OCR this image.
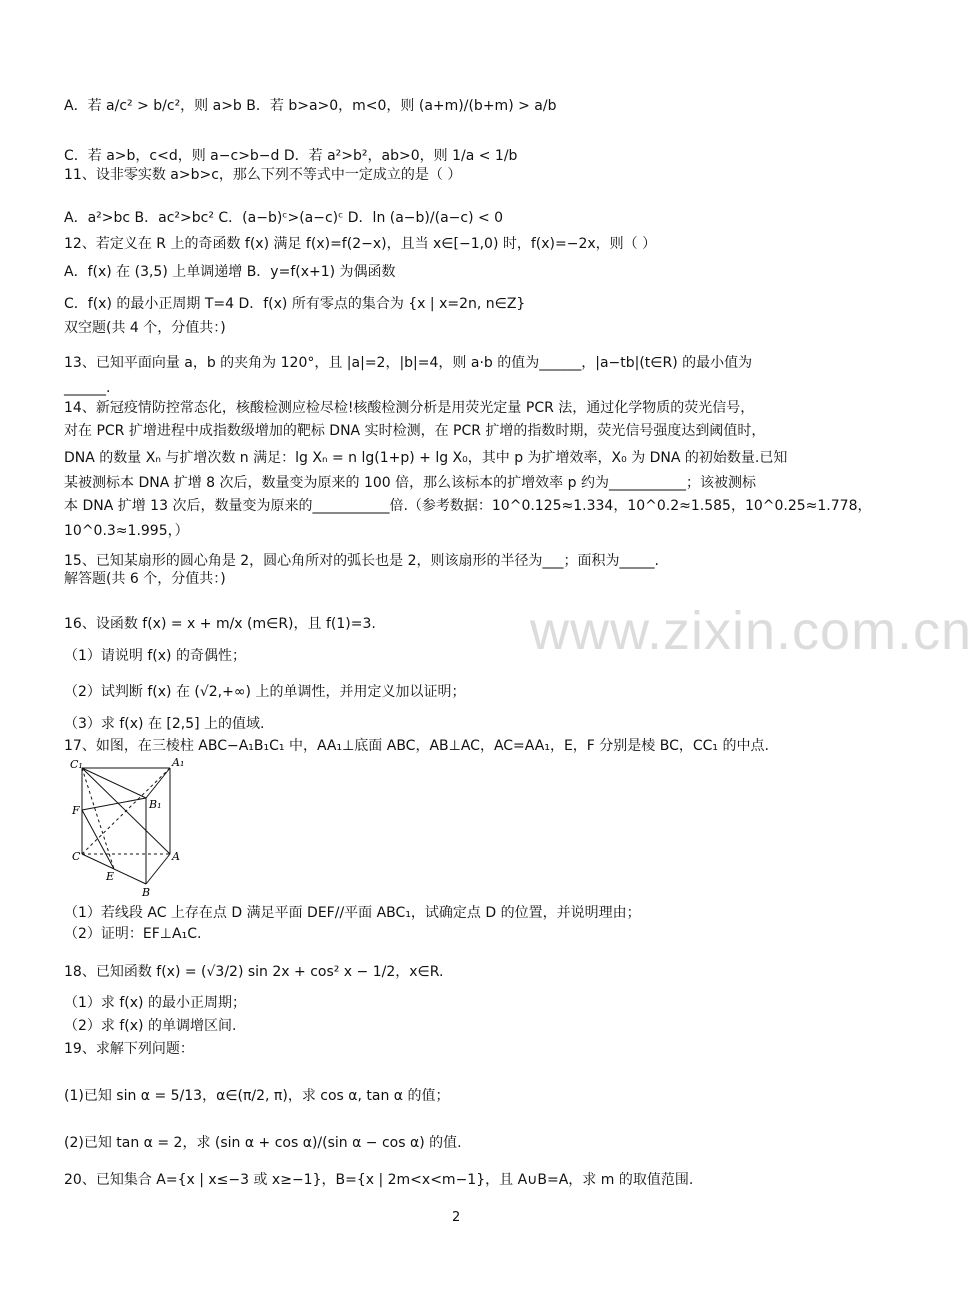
A．若 a/c² > b/c²，则 a>b B．若 b>a>0，m<0，则 (a+m)/(b+m) > a/b
C．若 a>b，c<d，则 a−c>b−d D．若 a²>b²，ab>0，则 1/a < 1/b
11、设非零实数 a>b>c，那么下列不等式中一定成立的是（ ）
A．a²>bc B．ac²>bc² C．(a−b)ᶜ>(a−c)ᶜ D．ln (a−b)/(a−c) < 0
12、若定义在 R 上的奇函数 f(x) 满足 f(x)=f(2−x)，且当 x∈[−1,0) 时，f(x)=−2x，则（ ）
A．f(x) 在 (3,5) 上单调递增 B．y=f(x+1) 为偶函数
C．f(x) 的最小正周期 T=4 D．f(x) 所有零点的集合为 {x | x=2n, n∈Z}
双空题(共 4 个，分值共：)
13、已知平面向量 a，b 的夹角为 120°，且 |a|=2，|b|=4，则 a·b 的值为______，|a−tb|(t∈R) 的最小值为
______.
14、新冠疫情防控常态化，核酸检测应检尽检!核酸检测分析是用荧光定量 PCR 法，通过化学物质的荧光信号，
对在 PCR 扩增进程中成指数级增加的靶标 DNA 实时检测，在 PCR 扩增的指数时期，荧光信号强度达到阈值时，
DNA 的数量 Xₙ 与扩增次数 n 满足：lg Xₙ = n lg(1+p) + lg X₀，其中 p 为扩增效率，X₀ 为 DNA 的初始数量.已知
某被测标本 DNA 扩增 8 次后，数量变为原来的 100 倍，那么该标本的扩增效率 p 约为___________；该被测标
本 DNA 扩增 13 次后，数量变为原来的___________倍.（参考数据：10^0.125≈1.334，10^0.2≈1.585，10^0.25≈1.778，
10^0.3≈1.995，）
15、已知某扇形的圆心角是 2，圆心角所对的弧长也是 2，则该扇形的半径为___；面积为_____.
解答题(共 6 个，分值共：)
16、设函数 f(x) = x + m/x (m∈R)，且 f(1)=3.
（1）请说明 f(x) 的奇偶性；
（2）试判断 f(x) 在 (√2,+∞) 上的单调性，并用定义加以证明；
（3）求 f(x) 在 [2,5] 上的值域.
17、如图，在三棱柱 ABC−A₁B₁C₁ 中，AA₁⊥底面 ABC，AB⊥AC，AC=AA₁，E，F 分别是棱 BC，CC₁ 的中点.
（1）若线段 AC 上存在点 D 满足平面 DEF//平面 ABC₁，试确定点 D 的位置，并说明理由；
（2）证明：EF⊥A₁C.
18、已知函数 f(x) = (√3/2) sin 2x + cos² x − 1/2，x∈R.
（1）求 f(x) 的最小正周期；
（2）求 f(x) 的单调增区间.
19、求解下列问题：
(1)已知 sin α = 5/13，α∈(π/2, π)，求 cos α, tan α 的值；
(2)已知 tan α = 2，求 (sin α + cos α)/(sin α − cos α) 的值.
20、已知集合 A={x | x≤−3 或 x≥−1}，B={x | 2m<x<m−1}，且 A∪B=A，求 m 的取值范围.
www.zixin.com.cn
C₁	A₁
B₁
F
C	A
E
B
2
